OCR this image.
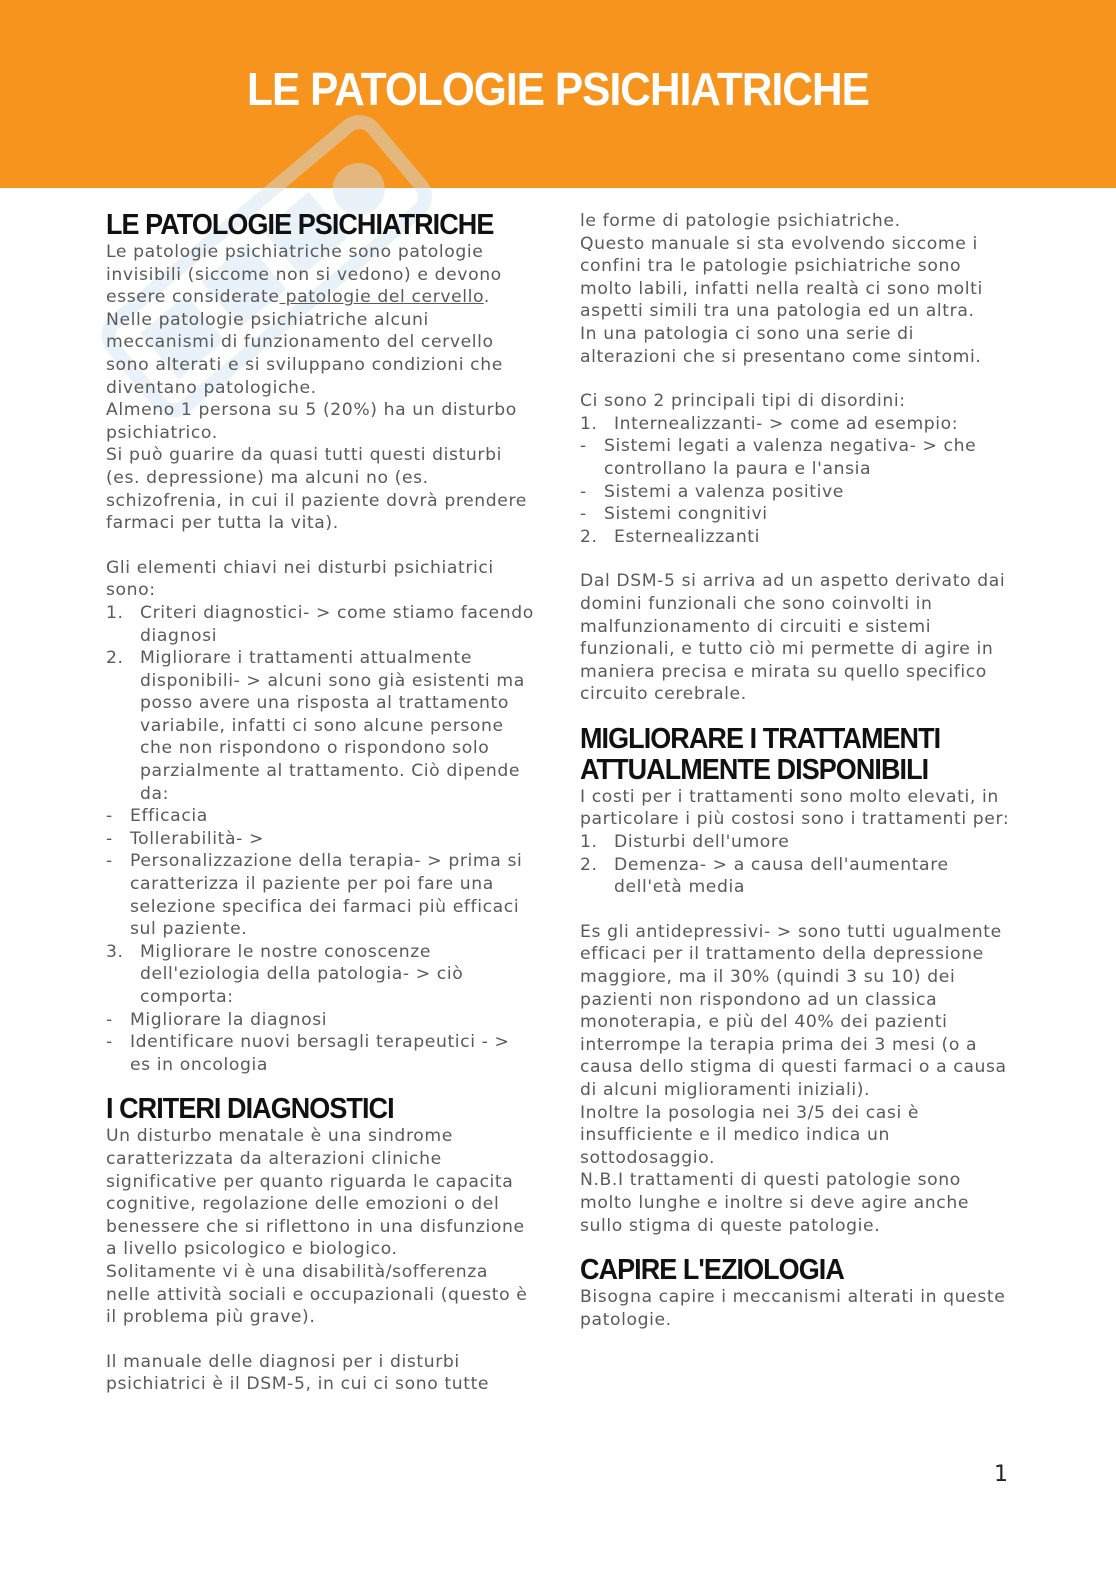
LE PATOLOGIE PSICHIATRICHE
LE PATOLOGIE PSICHIATRICHE

Le patologie psichiatriche sono patologie invisibili (siccome non si vedono) e devono essere considerate patologie del cervello.

Nelle patologie psichiatriche alcuni meccanismi di funzionamento del cervello sono alterati e si sviluppano condizioni che diventano patologiche.

Almeno 1 persona su 5 (20%) ha un disturbo psichiatrico.

Si può guarire da quasi tutti questi disturbi (es. depressione) ma alcuni no (es. schizofrenia, in cui il paziente dovrà prendere farmaci per tutta la vita).

Gli elementi chiavi nei disturbi psichiatrici sono:

1. Criteri diagnostici- > come stiamo facendo diagnosi
2. Migliorare i trattamenti attualmente disponibili- > alcuni sono già esistenti ma posso avere una risposta al trattamento variabile, infatti ci sono alcune persone che non rispondono o rispondono solo parzialmente al trattamento. Ciò dipende da:
- Efficacia
- Tollerabilità- >
- Personalizzazione della terapia- > prima si caratterizza il paziente per poi fare una selezione specifica dei farmaci più efficaci sul paziente.
3. Migliorare le nostre conoscenze dell'eziologia della patologia- > ciò comporta:
- Migliorare la diagnosi
- Identificare nuovi bersagli terapeutici - > es in oncologia
I CRITERI DIAGNOSTICI

Un disturbo menatale è una sindrome caratterizzata da alterazioni cliniche significative per quanto riguarda le capacita cognitive, regolazione delle emozioni o del benessere che si riflettono in una disfunzione a livello psicologico e biologico.

Solitamente vi è una disabilità/sofferenza nelle attività sociali e occupazionali (questo è il problema più grave).

Il manuale delle diagnosi per i disturbi psichiatrici è il DSM-5, in cui ci sono tutte

le forme di patologie psichiatriche.

Questo manuale si sta evolvendo siccome i confini tra le patologie psichiatriche sono molto labili, infatti nella realtà ci sono molti aspetti simili tra una patologia ed un altra.

In una patologia ci sono una serie di alterazioni che si presentano come sintomi.

Ci sono 2 principali tipi di disordini:

1. Internealizzanti- > come ad esempio:
- Sistemi legati a valenza negativa- > che controllano la paura e l'ansia
- Sistemi a valenza positive
- Sistemi congnitivi
2. Esternealizzanti

Dal DSM-5 si arriva ad un aspetto derivato dai domini funzionali che sono coinvolti in malfunzionamento di circuiti e sistemi funzionali, e tutto ciò mi permette di agire in maniera precisa e mirata su quello specifico circuito cerebrale.

MIGLIORARE I TRATTAMENTI ATTUALMENTE DISPONIBILI

I costi per i trattamenti sono molto elevati, in particolare i più costosi sono i trattamenti per:

1. Disturbi dell'umore
2. Demenza- > a causa dell'aumentare dell'età media

Es gli antidepressivi- > sono tutti ugualmente efficaci per il trattamento della depressione maggiore, ma il 30% (quindi 3 su 10) dei pazienti non rispondono ad un classica monoterapia, e più del 40% dei pazienti interrompe la terapia prima dei 3 mesi (o a causa dello stigma di questi farmaci o a causa di alcuni miglioramenti iniziali).

Inoltre la posologia nei 3/5 dei casi è insufficiente e il medico indica un sottodosaggio.

N.B.I trattamenti di questi patologie sono molto lunghe e inoltre si deve agire anche sullo stigma di queste patologie.

CAPIRE L'EZIOLOGIA

Bisogna capire i meccanismi alterati in queste patologie.

1
